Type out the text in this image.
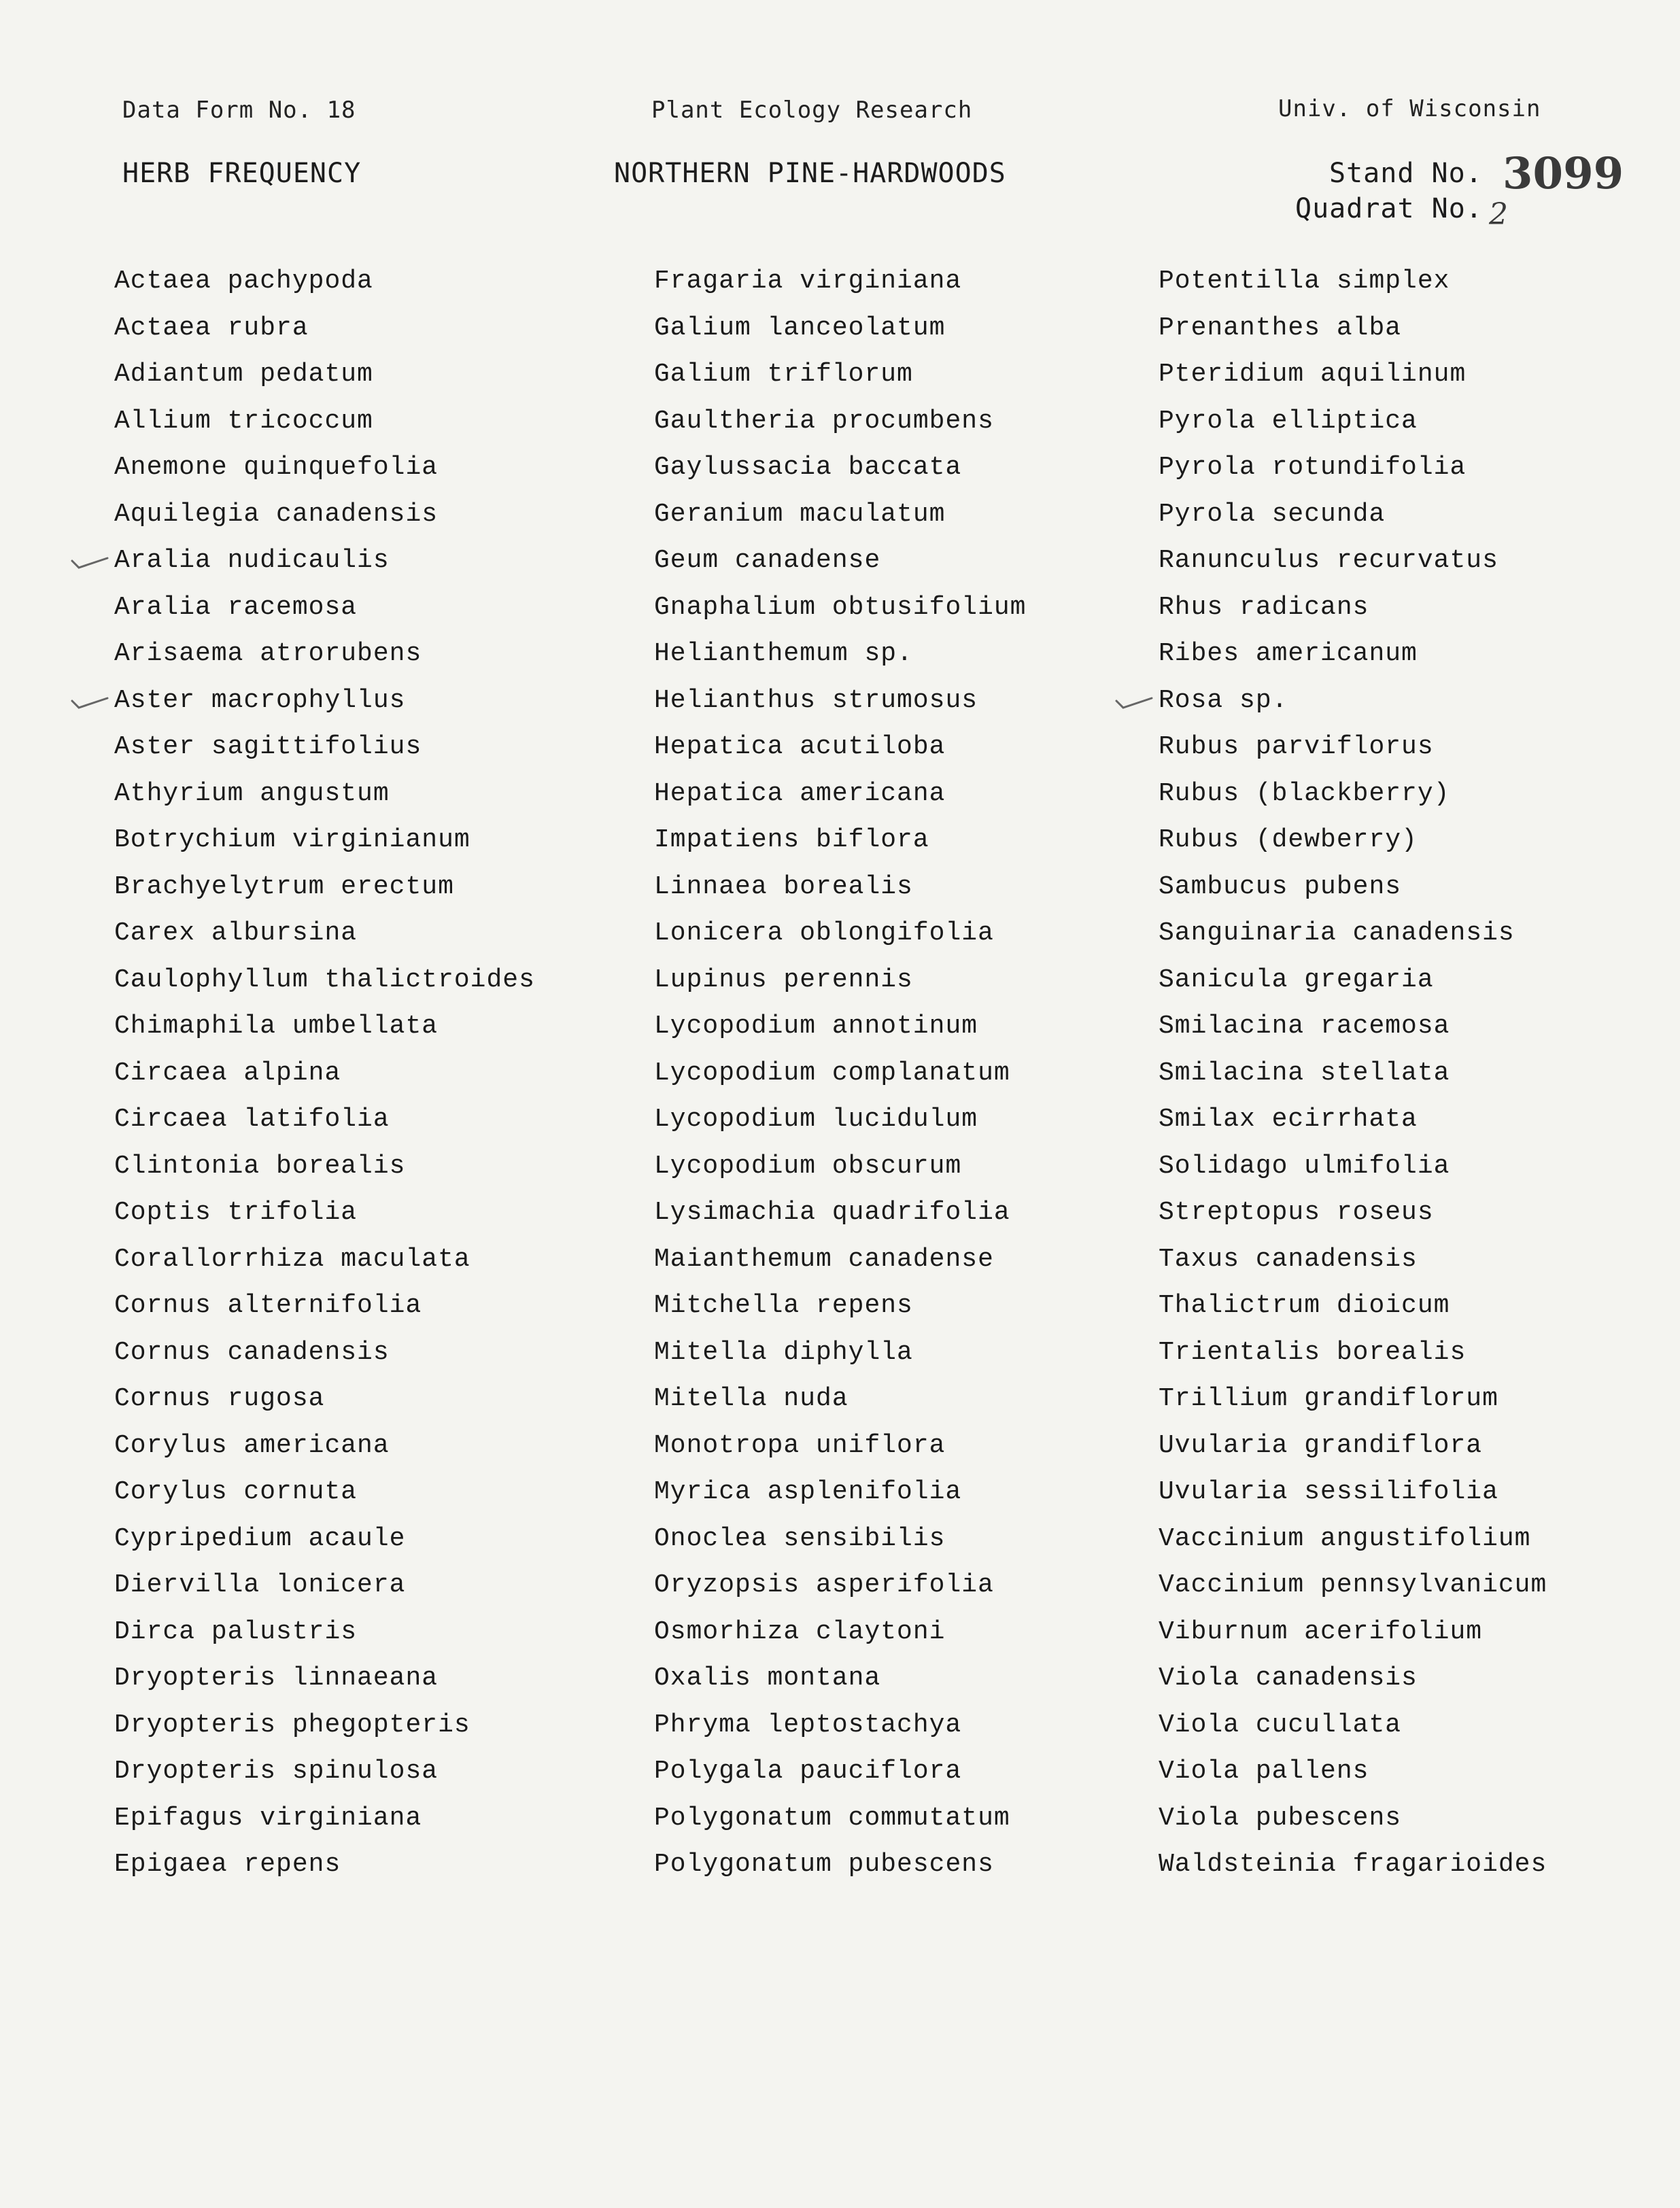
Data Form No. 18	Plant Ecology Research	Univ. of Wisconsin
HERB FREQUENCY	NORTHERN PINE-HARDWOODS	Stand No. 3099
Quadrat No. 2
Actaea pachypoda
Actaea rubra
Adiantum pedatum
Allium tricoccum
Anemone quinquefolia
Aquilegia canadensis
Aralia nudicaulis
Aralia racemosa
Arisaema atrorubens
Aster macrophyllus
Aster sagittifolius
Athyrium angustum
Botrychium virginianum
Brachyelytrum erectum
Carex albursina
Caulophyllum thalictroides
Chimaphila umbellata
Circaea alpina
Circaea latifolia
Clintonia borealis
Coptis trifolia
Corallorrhiza maculata
Cornus alternifolia
Cornus canadensis
Cornus rugosa
Corylus americana
Corylus cornuta
Cypripedium acaule
Diervilla lonicera
Dirca palustris
Dryopteris linnaeana
Dryopteris phegopteris
Dryopteris spinulosa
Epifagus virginiana
Epigaea repens
Fragaria virginiana
Galium lanceolatum
Galium triflorum
Gaultheria procumbens
Gaylussacia baccata
Geranium maculatum
Geum canadense
Gnaphalium obtusifolium
Helianthemum sp.
Helianthus strumosus
Hepatica acutiloba
Hepatica americana
Impatiens biflora
Linnaea borealis
Lonicera oblongifolia
Lupinus perennis
Lycopodium annotinum
Lycopodium complanatum
Lycopodium lucidulum
Lycopodium obscurum
Lysimachia quadrifolia
Maianthemum canadense
Mitchella repens
Mitella diphylla
Mitella nuda
Monotropa uniflora
Myrica asplenifolia
Onoclea sensibilis
Oryzopsis asperifolia
Osmorhiza claytoni
Oxalis montana
Phryma leptostachya
Polygala pauciflora
Polygonatum commutatum
Polygonatum pubescens
Potentilla simplex
Prenanthes alba
Pteridium aquilinum
Pyrola elliptica
Pyrola rotundifolia
Pyrola secunda
Ranunculus recurvatus
Rhus radicans
Ribes americanum
Rosa sp.
Rubus parviflorus
Rubus (blackberry)
Rubus (dewberry)
Sambucus pubens
Sanguinaria canadensis
Sanicula gregaria
Smilacina racemosa
Smilacina stellata
Smilax ecirrhata
Solidago ulmifolia
Streptopus roseus
Taxus canadensis
Thalictrum dioicum
Trientalis borealis
Trillium grandiflorum
Uvularia grandiflora
Uvularia sessilifolia
Vaccinium angustifolium
Vaccinium pennsylvanicum
Viburnum acerifolium
Viola canadensis
Viola cucullata
Viola pallens
Viola pubescens
Waldsteinia fragarioides
